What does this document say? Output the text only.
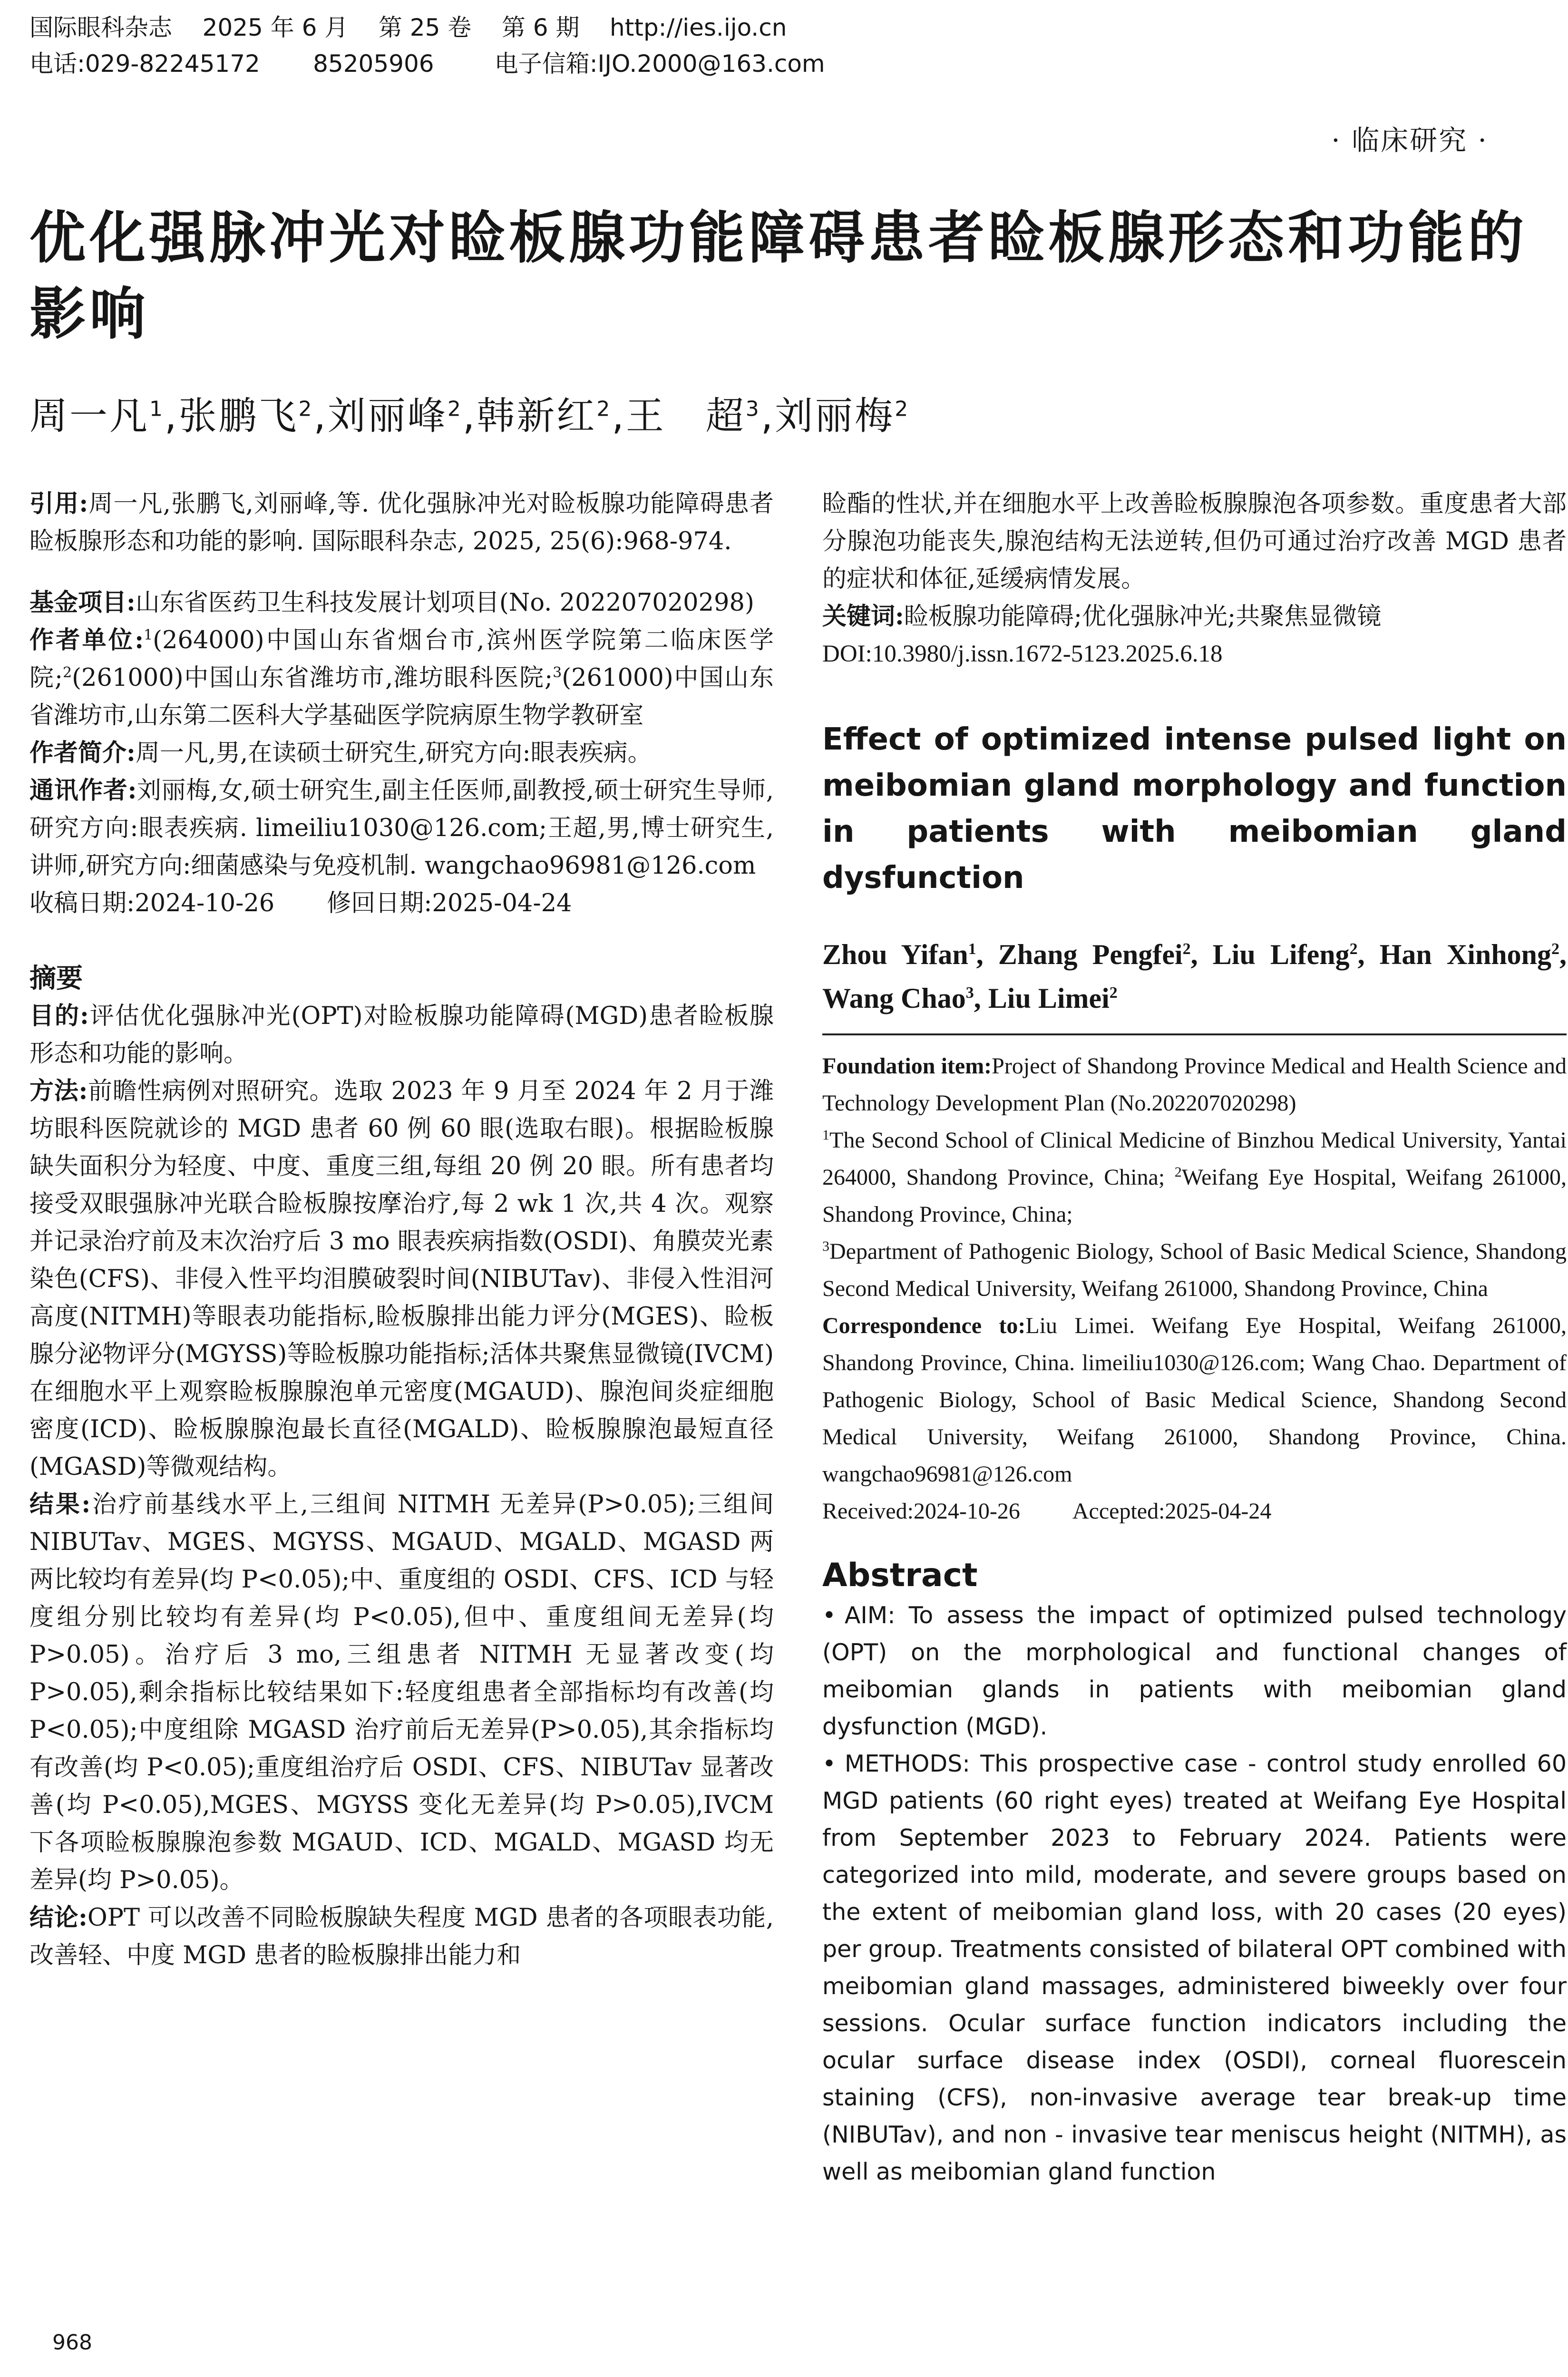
国际眼科杂志    2025 年 6 月    第 25 卷    第 6 期    http://ies.ijo.cn
电话:029-82245172       85205906        电子信箱:IJO.2000@163.com
· 临床研究 ·
优化强脉冲光对睑板腺功能障碍患者睑板腺形态和功能的影响
周一凡$^1$,张鹏飞$^2$,刘丽峰$^2$,韩新红$^2$,王　超$^3$,刘丽梅$^2$

引用:周一凡,张鹏飞,刘丽峰,等. 优化强脉冲光对睑板腺功能障碍患者睑板腺形态和功能的影响. 国际眼科杂志, 2025, 25(6):968-974.

基金项目:山东省医药卫生科技发展计划项目(No. 202207020298)

作者单位:$^1$(264000)中国山东省烟台市,滨州医学院第二临床医学院;$^2$(261000)中国山东省潍坊市,潍坊眼科医院;$^3$(261000)中国山东省潍坊市,山东第二医科大学基础医学院病原生物学教研室

作者简介:周一凡,男,在读硕士研究生,研究方向:眼表疾病。

通讯作者:刘丽梅,女,硕士研究生,副主任医师,副教授,硕士研究生导师,研究方向:眼表疾病. limeiliu1030@126.com;王超,男,博士研究生,讲师,研究方向:细菌感染与免疫机制. wangchao96981@126.com

收稿日期:2024-10-26 修回日期:2025-04-24

摘要

目的:评估优化强脉冲光(OPT)对睑板腺功能障碍(MGD)患者睑板腺形态和功能的影响。

方法:前瞻性病例对照研究。选取 2023 年 9 月至 2024 年 2 月于潍坊眼科医院就诊的 MGD 患者 60 例 60 眼(选取右眼)。根据睑板腺缺失面积分为轻度、中度、重度三组,每组 20 例 20 眼。所有患者均接受双眼强脉冲光联合睑板腺按摩治疗,每 2 wk 1 次,共 4 次。观察并记录治疗前及末次治疗后 3 mo 眼表疾病指数(OSDI)、角膜荧光素染色(CFS)、非侵入性平均泪膜破裂时间(NIBUTav)、非侵入性泪河高度(NITMH)等眼表功能指标,睑板腺排出能力评分(MGES)、睑板腺分泌物评分(MGYSS)等睑板腺功能指标;活体共聚焦显微镜(IVCM)在细胞水平上观察睑板腺腺泡单元密度(MGAUD)、腺泡间炎症细胞密度(ICD)、睑板腺腺泡最长直径(MGALD)、睑板腺腺泡最短直径(MGASD)等微观结构。

结果:治疗前基线水平上,三组间 NITMH 无差异(P>0.05);三组间 NIBUTav、MGES、MGYSS、MGAUD、MGALD、MGASD 两两比较均有差异(均 P<0.05);中、重度组的 OSDI、CFS、ICD 与轻度组分别比较均有差异(均 P<0.05),但中、重度组间无差异(均 P>0.05)。治疗后 3 mo,三组患者 NITMH 无显著改变(均 P>0.05),剩余指标比较结果如下:轻度组患者全部指标均有改善(均 P<0.05);中度组除 MGASD 治疗前后无差异(P>0.05),其余指标均有改善(均 P<0.05);重度组治疗后 OSDI、CFS、NIBUTav 显著改善(均 P<0.05),MGES、MGYSS 变化无差异(均 P>0.05),IVCM 下各项睑板腺腺泡参数 MGAUD、ICD、MGALD、MGASD 均无差异(均 P>0.05)。

结论:OPT 可以改善不同睑板腺缺失程度 MGD 患者的各项眼表功能,改善轻、中度 MGD 患者的睑板腺排出能力和

睑酯的性状,并在细胞水平上改善睑板腺腺泡各项参数。重度患者大部分腺泡功能丧失,腺泡结构无法逆转,但仍可通过治疗改善 MGD 患者的症状和体征,延缓病情发展。

关键词:睑板腺功能障碍;优化强脉冲光;共聚焦显微镜

DOI:10.3980/j.issn.1672-5123.2025.6.18

Effect of optimized intense pulsed light on meibomian gland morphology and function in patients with meibomian gland dysfunction

Zhou Yifan$^1$, Zhang Pengfei$^2$, Liu Lifeng$^2$, Han Xinhong$^2$, Wang Chao$^3$, Liu Limei$^2$

Foundation item:Project of Shandong Province Medical and Health Science and Technology Development Plan (No.202207020298)

$^1$The Second School of Clinical Medicine of Binzhou Medical University, Yantai 264000, Shandong Province, China; $^2$Weifang Eye Hospital, Weifang 261000, Shandong Province, China;
$^3$Department of Pathogenic Biology, School of Basic Medical Science, Shandong Second Medical University, Weifang 261000, Shandong Province, China

Correspondence to:Liu Limei. Weifang Eye Hospital, Weifang 261000, Shandong Province, China. limeiliu1030@126.com; Wang Chao. Department of Pathogenic Biology, School of Basic Medical Science, Shandong Second Medical University, Weifang 261000, Shandong Province, China. wangchao96981@126.com

Received:2024-10-26 Accepted:2025-04-24

Abstract

• AIM: To assess the impact of optimized pulsed technology (OPT) on the morphological and functional changes of meibomian glands in patients with meibomian gland dysfunction (MGD).

• METHODS: This prospective case - control study enrolled 60 MGD patients (60 right eyes) treated at Weifang Eye Hospital from September 2023 to February 2024. Patients were categorized into mild, moderate, and severe groups based on the extent of meibomian gland loss, with 20 cases (20 eyes) per group. Treatments consisted of bilateral OPT combined with meibomian gland massages, administered biweekly over four sessions. Ocular surface function indicators including the ocular surface disease index (OSDI), corneal fluorescein staining (CFS), non-invasive average tear break-up time (NIBUTav), and non - invasive tear meniscus height (NITMH), as well as meibomian gland function

968
